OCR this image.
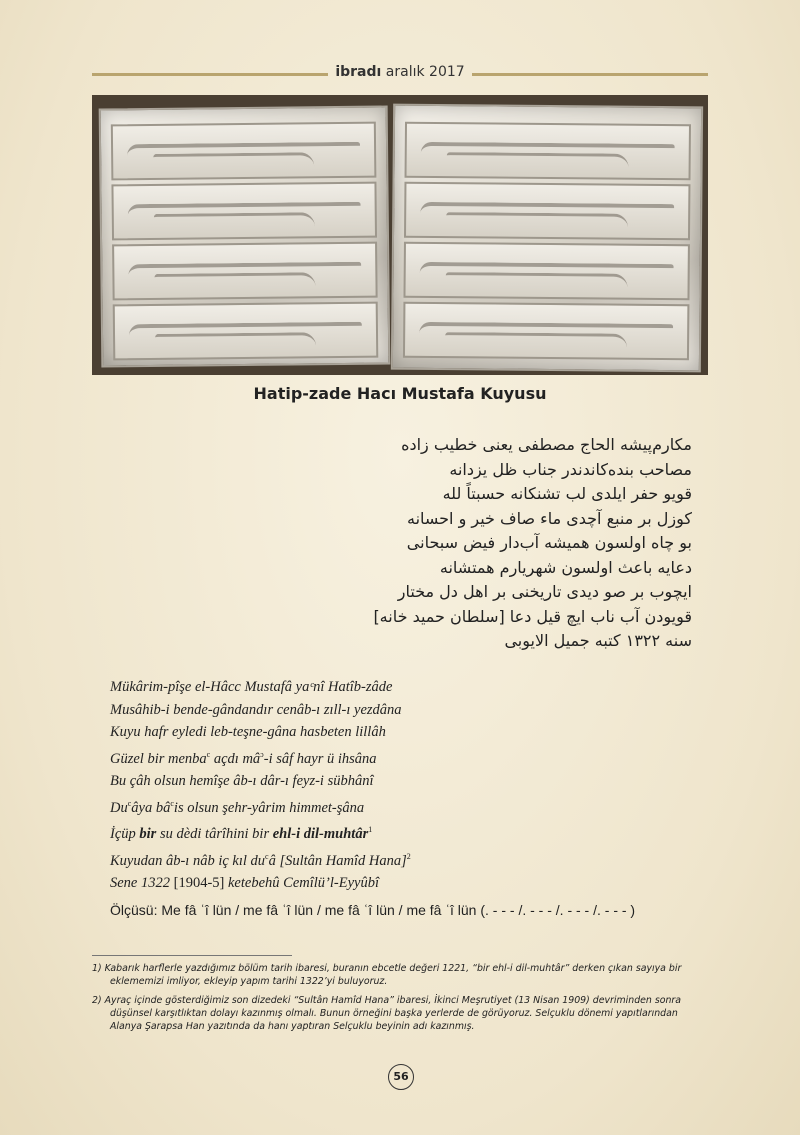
ibradı aralık 2017
Hatip-zade Hacı Mustafa Kuyusu
مكارم‌پيشه الحاج مصطفى يعنى خطيب زاده
مصاحب بنده‌كاندندر جناب ظل يزدانه
قويو حفر ايلدى لب تشنكانه حسبتاً لله
كوزل بر منبع آچدى ماء صاف خير و احسانه
بو چاه اولسون همیشه آب‌دار فيض سبحانى
دعايه باعث اولسون شهريارم همتشانه
ايچوب بر صو ديدى تاريخنى بر اهل دل مختار
قويودن آب ناب ايچ قيل دعا [سلطان حميد خانه]
سنه ۱۳۲۲ كتبه جميل الايوبى
Mükârim-pîşe el-Hâcc Mustafâ yaᶜnî Hatîb-zâde
Musâhib-i bende-gândandır cenâb-ı zıll-ı yezdâna
Kuyu hafr eyledi leb-teşne-gâna hasbeten lillâh
Güzel bir menba$^c$ açdı $mâ^ɔ-i$ sâf hayr ü ihsâna
Bu çâh olsun hemîşe âb-ı dâr-ı feyz-i sübhânî
Du$^c$âya $bâ^cis$ olsun şehr-yârim himmet-şâna
İçüp bir su dèdi târîhini bir ehl-i dil-muhtâr$^1$
Kuyudan âb-ı nâb iç kıl $du^câ$ [Sultân Hamîd Hana]$^2$
Sene 1322 [1904-5] ketebehû Cemîlü’l-Eyyûbî
Ölçüsü: Me fâ ʿî lün / me fâ ʿî lün / me fâ ʿî lün / me fâ ʿî lün (. - - - /. - - - /. - - - /. - - - )
1) Kabarık harflerle yazdığımız bölüm tarih ibaresi, buranın ebcetle değeri 1221, “bir ehl-i dil-muhtâr” derken çıkan sayıya bir eklememizi imliyor, ekleyip yapım tarihi 1322’yi buluyoruz.
2) Ayraç içinde gösterdiğimiz son dizedeki “Sultân Hamîd Hana” ibaresi, İkinci Meşrutiyet (13 Nisan 1909) devriminden sonra düşünsel karşıtlıktan dolayı kazınmış olmalı. Bunun örneğini başka yerlerde de görüyoruz. Selçuklu dönemi yapıtlarından Alanya Şarapsa Han yazıtında da hanı yaptıran Selçuklu beyinin adı kazınmış.
56
